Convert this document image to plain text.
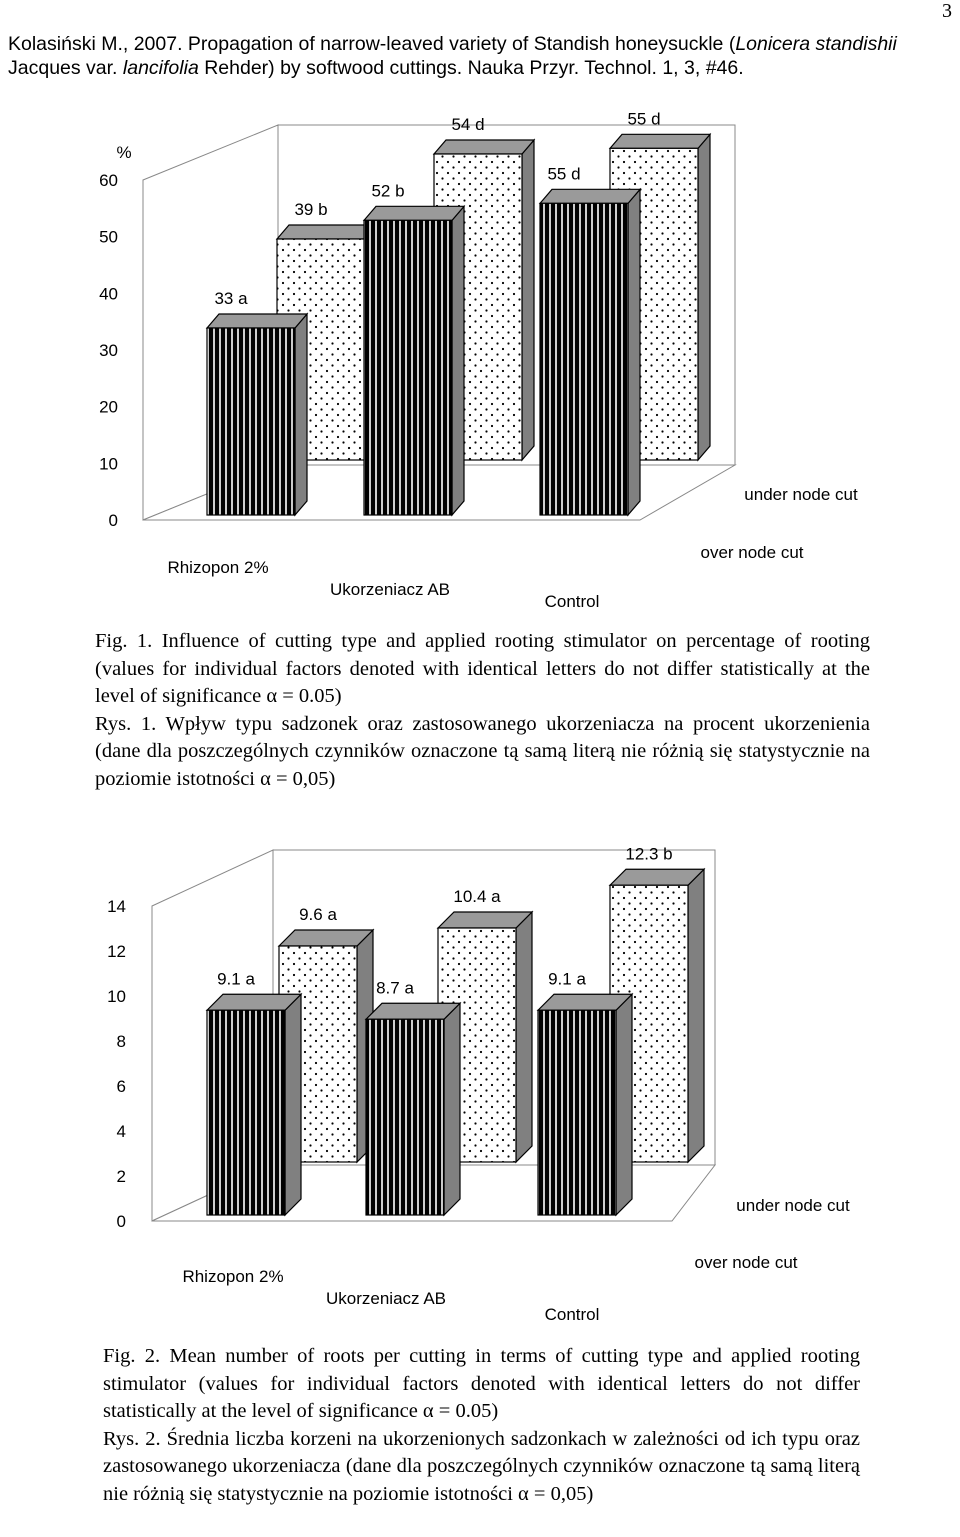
3
Kolasiński M., 2007. Propagation of narrow-leaved variety of Standish honeysuckle (Lonicera standishii Jacques var. lancifolia Rehder) by softwood cuttings. Nauka Przyr. Technol. 1, 3, #46.
0
10
20
30
40
50
60
%
39 b
54 d	55 d
33 a
52 b
55 d
Rhizopon 2%
Ukorzeniacz AB
Control
over node cut
under node cut
Fig. 1. Influence of cutting type and applied rooting stimulator on percentage of rooting (values for individual factors denoted with identical letters do not differ statistically at the level of significance α = 0.05)
Rys. 1. Wpływ typu sadzonek oraz zastosowanego ukorzeniacza na procent ukorzenienia (dane dla poszczególnych czynników oznaczone tą samą literą nie różnią się statystycznie na poziomie istotności α = 0,05)
0
2
4
6
8
10
12
14	9.6 a
10.4 a
12.3 b
9.1 a	8.7 a	9.1 a
Rhizopon 2%
Ukorzeniacz AB
Control
over node cut
under node cut
Fig. 2. Mean number of roots per cutting in terms of cutting type and applied rooting stimulator (values for individual factors denoted with identical letters do not differ statistically at the level of significance α = 0.05)
Rys. 2. Średnia liczba korzeni na ukorzenionych sadzonkach w zależności od ich typu oraz zastosowanego ukorzeniacza (dane dla poszczególnych czynników oznaczone tą samą literą nie różnią się statystycznie na poziomie istotności α = 0,05)
